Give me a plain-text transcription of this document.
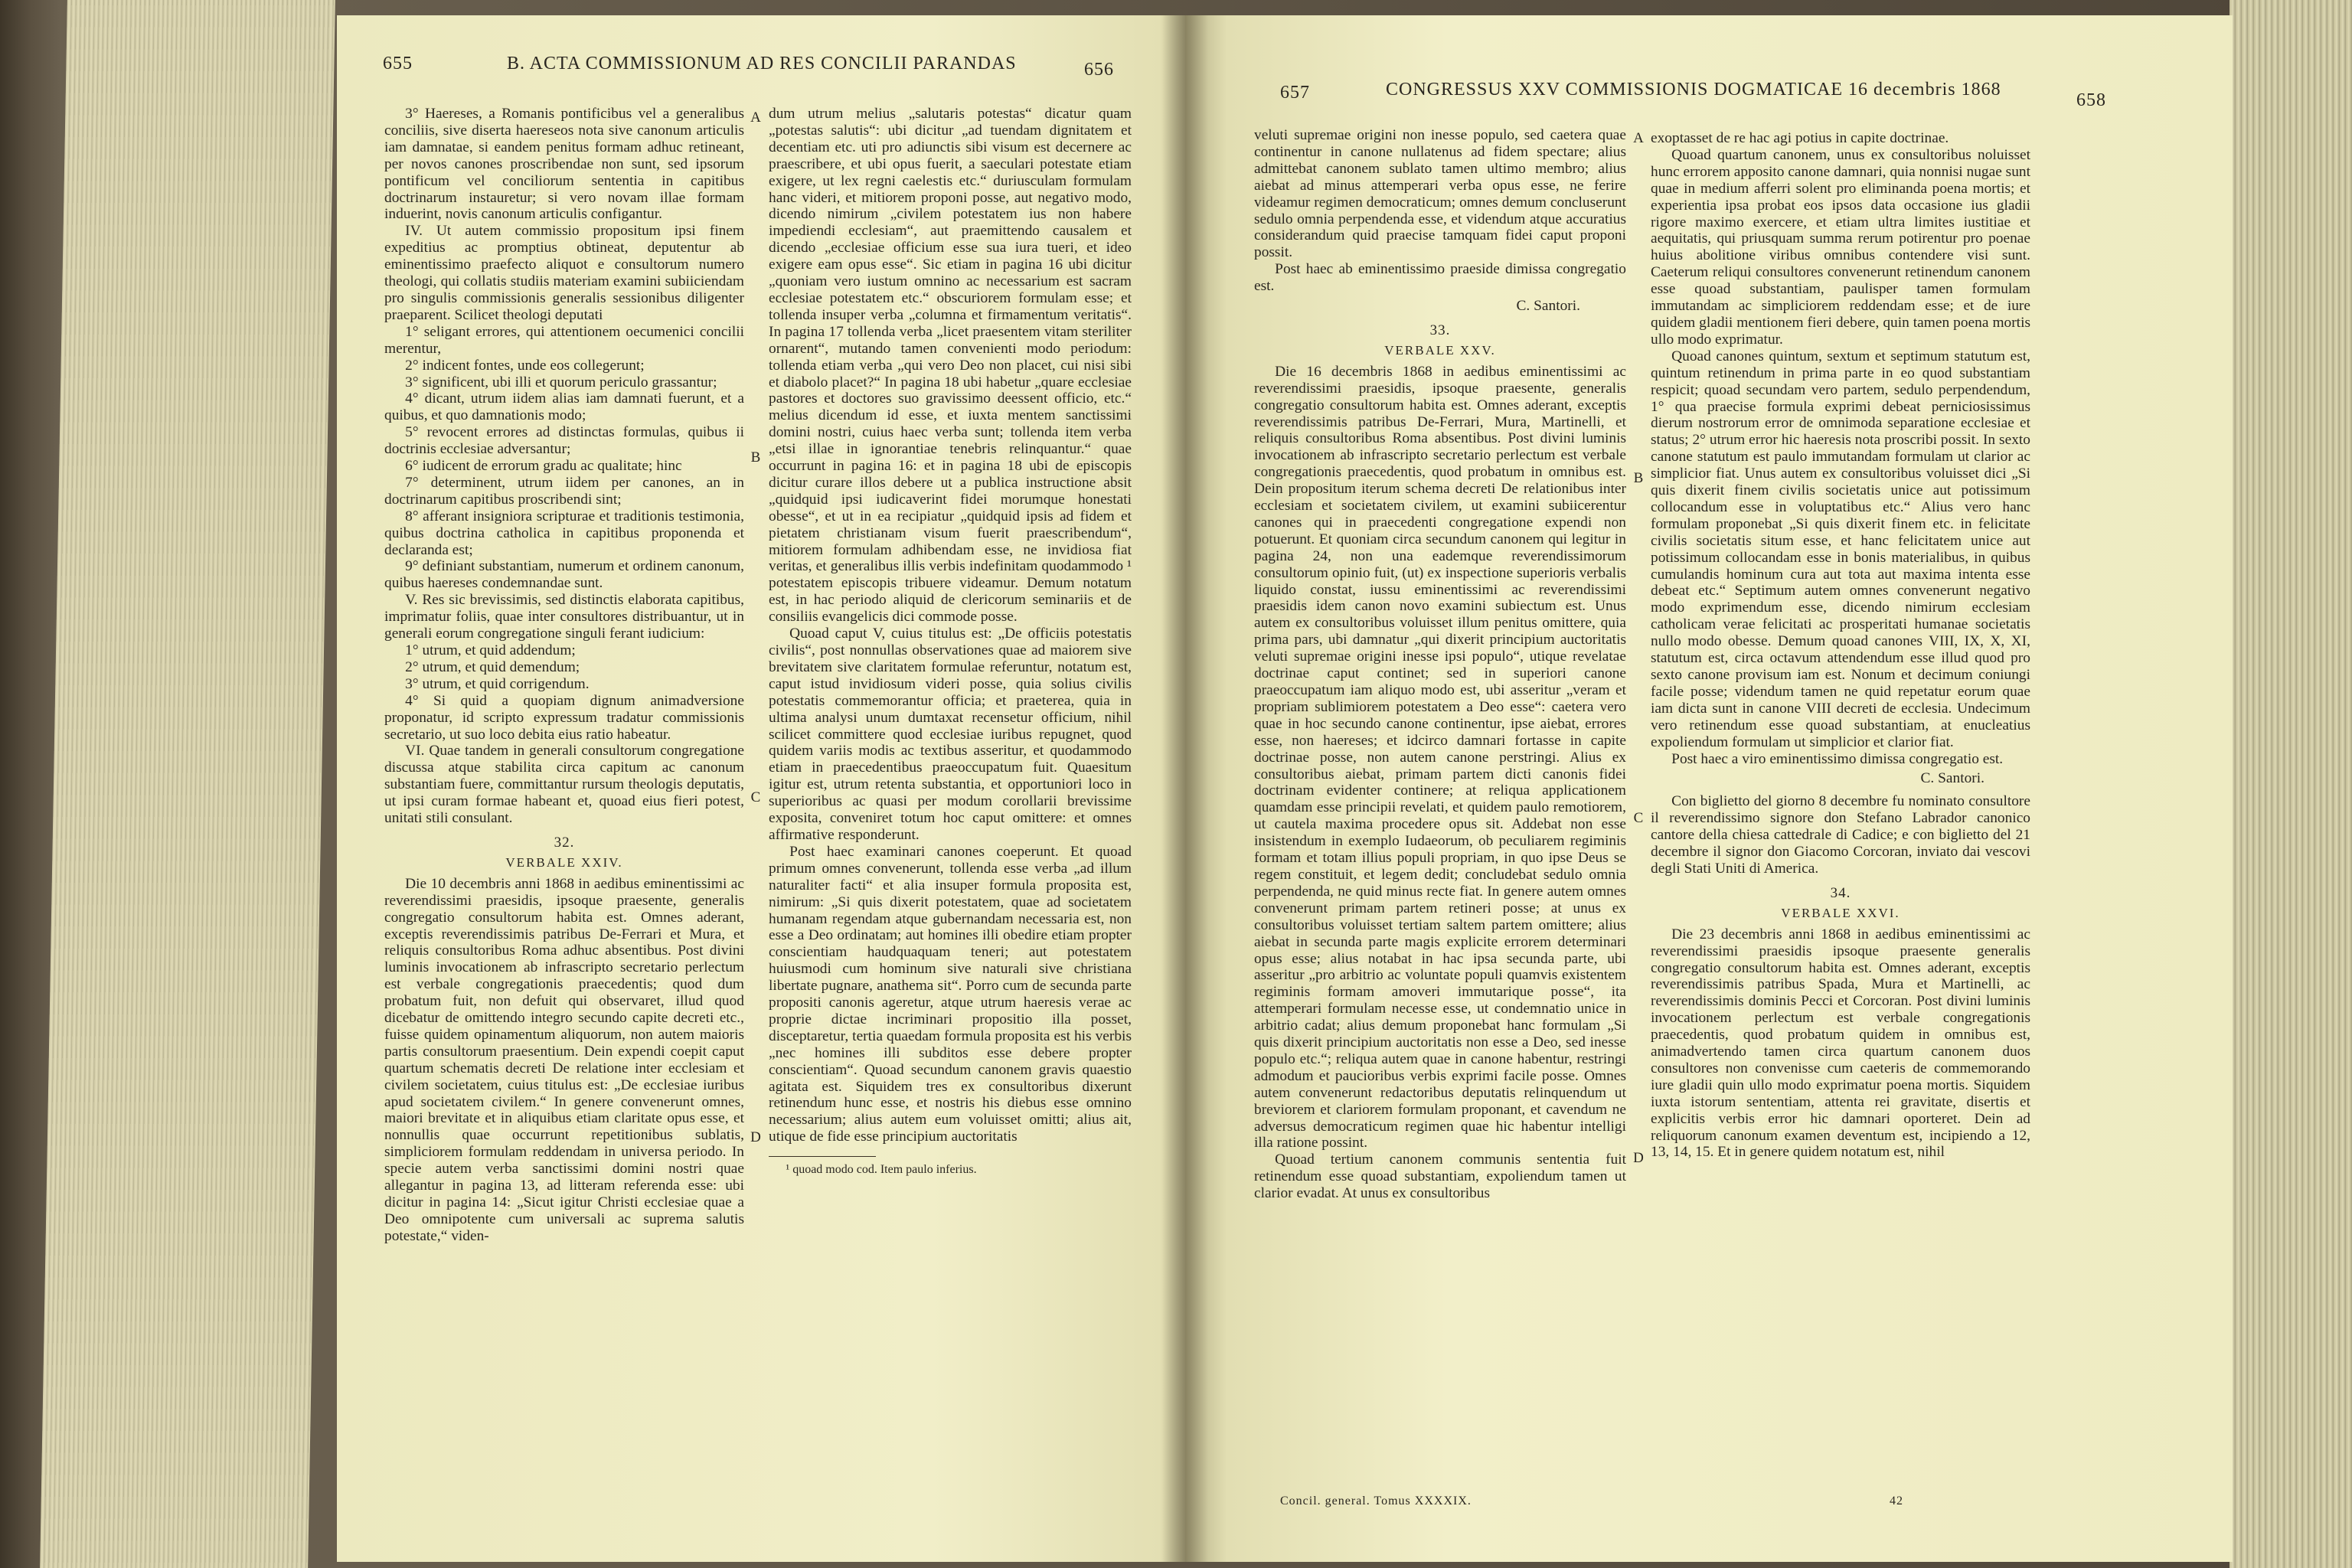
655	B. ACTA COMMISSIONUM AD RES CONCILII PARANDAS	656

3° Haereses, a Romanis pontificibus vel a generalibus conciliis, sive diserta haereseos nota sive canonum articulis iam damnatae, si eandem penitus formam adhuc retineant, per novos canones proscribendae non sunt, sed ipsorum pontificum vel conciliorum sententia in capitibus doctrinarum instauretur; si vero novam illae formam induerint, novis canonum articulis configantur.

IV. Ut autem commissio propositum ipsi finem expeditius ac promptius obtineat, deputentur ab eminentissimo praefecto aliquot e consultorum numero theologi, qui collatis studiis materiam examini subiiciendam pro singulis commissionis generalis sessionibus diligenter praeparent. Scilicet theologi deputati

1° seligant errores, qui attentionem oecumenici concilii merentur,

2° indicent fontes, unde eos collegerunt;

3° significent, ubi illi et quorum periculo grassantur;

4° dicant, utrum iidem alias iam damnati fuerunt, et a quibus, et quo damnationis modo;

5° revocent errores ad distinctas formulas, quibus ii doctrinis ecclesiae adversantur;

6° iudicent de errorum gradu ac qualitate; hinc

7° determinent, utrum iidem per canones, an in doctrinarum capitibus proscribendi sint;

8° afferant insigniora scripturae et traditionis testimonia, quibus doctrina catholica in capitibus proponenda et declaranda est;

9° definiant substantiam, numerum et ordinem canonum, quibus haereses condemnandae sunt.

V. Res sic brevissimis, sed distinctis elaborata capitibus, imprimatur foliis, quae inter consultores distribuantur, ut in generali eorum congregatione singuli ferant iudicium:

1° utrum, et quid addendum;

2° utrum, et quid demendum;

3° utrum, et quid corrigendum.

4° Si quid a quopiam dignum animadversione proponatur, id scripto expressum tradatur commissionis secretario, ut suo loco debita eius ratio habeatur.

VI. Quae tandem in generali consultorum congregatione discussa atque stabilita circa capitum ac canonum substantiam fuere, committantur rursum theologis deputatis, ut ipsi curam formae habeant et, quoad eius fieri potest, unitati stili consulant.

32.
VERBALE XXIV.

Die 10 decembris anni 1868 in aedibus eminentissimi ac reverendissimi praesidis, ipsoque praesente, generalis congregatio consultorum habita est. Omnes aderant, exceptis reverendissimis patribus De-Ferrari et Mura, et reliquis consultoribus Roma adhuc absentibus. Post divini luminis invocationem ab infrascripto secretario perlectum est verbale congregationis praecedentis; quod dum probatum fuit, non defuit qui observaret, illud quod dicebatur de omittendo integro secundo capite decreti etc., fuisse quidem opinamentum aliquorum, non autem maioris partis consultorum praesentium. Dein expendi coepit caput quartum schematis decreti De relatione inter ecclesiam et civilem societatem, cuius titulus est: „De ecclesiae iuribus apud societatem civilem.“ In genere convenerunt omnes, maiori brevitate et in aliquibus etiam claritate opus esse, et nonnullis quae occurrunt repetitionibus sublatis, simpliciorem formulam reddendam in universa periodo. In specie autem verba sanctissimi domini nostri quae allegantur in pagina 13, ad litteram referenda esse: ubi dicitur in pagina 14: „Sicut igitur Christi ecclesiae quae a Deo omnipotente cum universali ac suprema salutis potestate,“ viden-

dum utrum melius „salutaris potestas“ dicatur quam „potestas salutis“: ubi dicitur „ad tuendam dignitatem et decentiam etc. uti pro adiunctis sibi visum est decernere ac praescribere, et ubi opus fuerit, a saeculari potestate etiam exigere, ut lex regni caelestis etc.“ duriusculam formulam hanc videri, et mitiorem proponi posse, aut negativo modo, dicendo nimirum „civilem potestatem ius non habere impediendi ecclesiam“, aut praemittendo causalem et dicendo „ecclesiae officium esse sua iura tueri, et ideo exigere eam opus esse“. Sic etiam in pagina 16 ubi dicitur „quoniam vero iustum omnino ac necessarium est sacram ecclesiae potestatem etc.“ obscuriorem formulam esse; et tollenda insuper verba „columna et firmamentum veritatis“. In pagina 17 tollenda verba „licet praesentem vitam steriliter ornarent“, mutando tamen convenienti modo periodum: tollenda etiam verba „qui vero Deo non placet, cui nisi sibi et diabolo placet?“ In pagina 18 ubi habetur „quare ecclesiae pastores et doctores suo gravissimo deessent officio, etc.“ melius dicendum id esse, et iuxta mentem sanctissimi domini nostri, cuius haec verba sunt; tollenda item verba „etsi illae in ignorantiae tenebris relinquantur.“ quae occurrunt in pagina 16: et in pagina 18 ubi de episcopis dicitur curare illos debere ut a publica instructione absit „quidquid ipsi iudicaverint fidei morumque honestati obesse“, et ut in ea recipiatur „quidquid ipsis ad fidem et pietatem christianam visum fuerit praescribendum“, mitiorem formulam adhibendam esse, ne invidiosa fiat veritas, et generalibus illis verbis indefinitam quodammodo ¹ potestatem episcopis tribuere videamur. Demum notatum est, in hac periodo aliquid de clericorum seminariis et de consiliis evangelicis dici commode posse.

Quoad caput V, cuius titulus est: „De officiis potestatis civilis“, post nonnullas observationes quae ad maiorem sive brevitatem sive claritatem formulae referuntur, notatum est, caput istud invidiosum videri posse, quia solius civilis potestatis commemorantur officia; et praeterea, quia in ultima analysi unum dumtaxat recensetur officium, nihil scilicet committere quod ecclesiae iuribus repugnet, quod quidem variis modis ac textibus asseritur, et quodammodo etiam in praecedentibus praeoccupatum fuit. Quaesitum igitur est, utrum retenta substantia, et opportuniori loco in superioribus ac quasi per modum corollarii brevissime exposita, conveniret totum hoc caput omittere: et omnes affirmative responderunt.

Post haec examinari canones coeperunt. Et quoad primum omnes convenerunt, tollenda esse verba „ad illum naturaliter facti“ et alia insuper formula proposita est, nimirum: „Si quis dixerit potestatem, quae ad societatem humanam regendam atque gubernandam necessaria est, non esse a Deo ordinatam; aut homines illi obedire etiam propter conscientiam haudquaquam teneri; aut potestatem huiusmodi cum hominum sive naturali sive christiana libertate pugnare, anathema sit“. Porro cum de secunda parte propositi canonis ageretur, atque utrum haeresis verae ac proprie dictae incriminari propositio illa posset, disceptaretur, tertia quaedam formula proposita est his verbis „nec homines illi subditos esse debere propter conscientiam“. Quoad secundum canonem gravis quaestio agitata est. Siquidem tres ex consultoribus dixerunt retinendum hunc esse, et nostris his diebus esse omnino necessarium; alius autem eum voluisset omitti; alius ait, utique de fide esse principium auctoritatis

¹ quoad modo cod. Item paulo inferius.

A
B
C
D
657	CONGRESSUS XXV COMMISSIONIS DOGMATICAE 16 decembris 1868
658

veluti supremae origini non inesse populo, sed caetera quae continentur in canone nullatenus ad fidem spectare; alius admittebat canonem sublato tamen ultimo membro; alius aiebat ad minus attemperari verba opus esse, ne ferire videamur regimen democraticum; omnes demum concluserunt sedulo omnia perpendenda esse, et videndum atque accuratius considerandum quid praecise tamquam fidei caput proponi possit.

Post haec ab eminentissimo praeside dimissa congregatio est.

C. Santori.
33.
VERBALE XXV.

Die 16 decembris 1868 in aedibus eminentissimi ac reverendissimi praesidis, ipsoque praesente, generalis congregatio consultorum habita est. Omnes aderant, exceptis reverendissimis patribus De-Ferrari, Mura, Martinelli, et reliquis consultoribus Roma absentibus. Post divini luminis invocationem ab infrascripto secretario perlectum est verbale congregationis praecedentis, quod probatum in omnibus est. Dein propositum iterum schema decreti De relationibus inter ecclesiam et societatem civilem, ut examini subiicerentur canones qui in praecedenti congregatione expendi non potuerunt. Et quoniam circa secundum canonem qui legitur in pagina 24, non una eademque reverendissimorum consultorum opinio fuit, (ut) ex inspectione superioris verbalis liquido constat, iussu eminentissimi ac reverendissimi praesidis idem canon novo examini subiectum est. Unus autem ex consultoribus voluisset illum penitus omittere, quia prima pars, ubi damnatur „qui dixerit principium auctoritatis veluti supremae origini inesse ipsi populo“, utique revelatae doctrinae caput continet; sed in superiori canone praeoccupatum iam aliquo modo est, ubi asseritur „veram et propriam sublimiorem potestatem a Deo esse“: caetera vero quae in hoc secundo canone continentur, ipse aiebat, errores esse, non haereses; et idcirco damnari fortasse in capite doctrinae posse, non autem canone perstringi. Alius ex consultoribus aiebat, primam partem dicti canonis fidei doctrinam evidenter continere; at reliqua applicationem quamdam esse principii revelati, et quidem paulo remotiorem, ut cautela maxima procedere opus sit. Addebat non esse insistendum in exemplo Iudaeorum, ob peculiarem regiminis formam et totam illius populi propriam, in quo ipse Deus se regem constituit, et legem dedit; concludebat sedulo omnia perpendenda, ne quid minus recte fiat. In genere autem omnes convenerunt primam partem retineri posse; at unus ex consultoribus voluisset tertiam saltem partem omittere; alius aiebat in secunda parte magis explicite errorem determinari opus esse; alius notabat in hac ipsa secunda parte, ubi asseritur „pro arbitrio ac voluntate populi quamvis existentem regiminis formam amoveri immutarique posse“, ita attemperari formulam necesse esse, ut condemnatio unice in arbitrio cadat; alius demum proponebat hanc formulam „Si quis dixerit principium auctoritatis non esse a Deo, sed inesse populo etc.“; reliqua autem quae in canone habentur, restringi admodum et paucioribus verbis exprimi facile posse. Omnes autem convenerunt redactoribus deputatis relinquendum ut breviorem et clariorem formulam proponant, et cavendum ne adversus democraticum regimen quae hic habentur intelligi illa ratione possint.

Quoad tertium canonem communis sententia fuit retinendum esse quoad substantiam, expoliendum tamen ut clarior evadat. At unus ex consultoribus

exoptasset de re hac agi potius in capite doctrinae.

Quoad quartum canonem, unus ex consultoribus noluisset hunc errorem apposito canone damnari, quia nonnisi nugae sunt quae in medium afferri solent pro eliminanda poena mortis; et experientia ipsa probat eos ipsos data occasione ius gladii rigore maximo exercere, et etiam ultra limites iustitiae et aequitatis, qui priusquam summa rerum potirentur pro poenae huius abolitione viribus omnibus contendere visi sunt. Caeterum reliqui consultores convenerunt retinendum canonem esse quoad substantiam, paulisper tamen formulam immutandam ac simpliciorem reddendam esse; et de iure quidem gladii mentionem fieri debere, quin tamen poena mortis ullo modo exprimatur.

Quoad canones quintum, sextum et septimum statutum est, quintum retinendum in prima parte in eo quod substantiam respicit; quoad secundam vero partem, sedulo perpendendum, 1° qua praecise formula exprimi debeat perniciosissimus dierum nostrorum error de omnimoda separatione ecclesiae et status; 2° utrum error hic haeresis nota proscribi possit. In sexto canone statutum est paulo immutandam formulam ut clarior ac simplicior fiat. Unus autem ex consultoribus voluisset dici „Si quis dixerit finem civilis societatis unice aut potissimum collocandum esse in voluptatibus etc.“ Alius vero hanc formulam proponebat „Si quis dixerit finem etc. in felicitate civilis societatis situm esse, et hanc felicitatem unice aut potissimum collocandam esse in bonis materialibus, in quibus cumulandis hominum cura aut tota aut maxima intenta esse debeat etc.“ Septimum autem omnes convenerunt negativo modo exprimendum esse, dicendo nimirum ecclesiam catholicam verae felicitati ac prosperitati humanae societatis nullo modo obesse. Demum quoad canones VIII, IX, X, XI, statutum est, circa octavum attendendum esse illud quod pro sexto canone provisum iam est. Nonum et decimum coniungi facile posse; videndum tamen ne quid repetatur eorum quae iam dicta sunt in canone VIII decreti de ecclesia. Undecimum vero retinendum esse quoad substantiam, at enucleatius expoliendum formulam ut simplicior et clarior fiat.

Post haec a viro eminentissimo dimissa congregatio est.

C. Santori.

Con biglietto del giorno 8 decembre fu nominato consultore il reverendissimo signore don Stefano Labrador canonico cantore della chiesa cattedrale di Cadice; e con biglietto del 21 decembre il signor don Giacomo Corcoran, inviato dai vescovi degli Stati Uniti di America.

34.
VERBALE XXVI.

Die 23 decembris anni 1868 in aedibus eminentissimi ac reverendissimi praesidis ipsoque praesente generalis congregatio consultorum habita est. Omnes aderant, exceptis reverendissimis patribus Spada, Mura et Martinelli, ac reverendissimis dominis Pecci et Corcoran. Post divini luminis invocationem perlectum est verbale congregationis praecedentis, quod probatum quidem in omnibus est, animadvertendo tamen circa quartum canonem duos consultores non convenisse cum caeteris de commemorando iure gladii quin ullo modo exprimatur poena mortis. Siquidem iuxta istorum sententiam, attenta rei gravitate, disertis et explicitis verbis error hic damnari oporteret. Dein ad reliquorum canonum examen deventum est, incipiendo a 12, 13, 14, 15. Et in genere quidem notatum est, nihil

A
B
C
D
Concil. general. Tomus XXXXIX.	42
